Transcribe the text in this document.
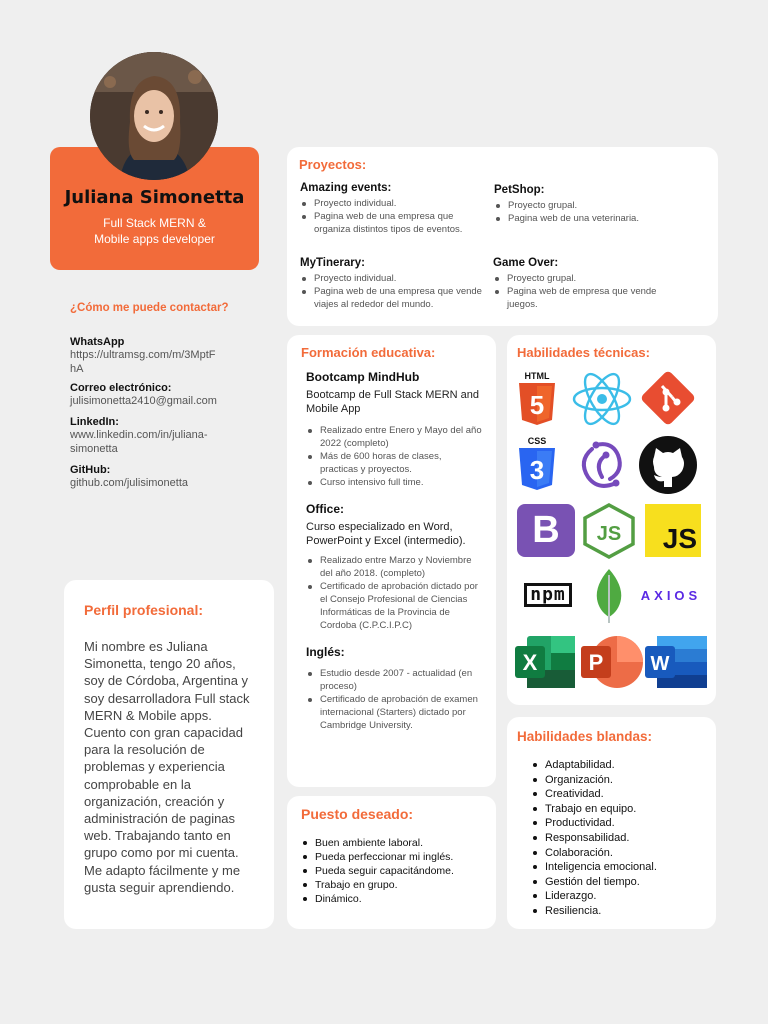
Juliana Simonetta
Full Stack MERN &
Mobile apps developer
¿Cómo me puede contactar?
WhatsApp
https://ultramsg.com/m/3MptF hA
Correo electrónico:
julisimonetta2410@gmail.com
LinkedIn:
www.linkedin.com/in/juliana-simonetta
GitHub:
github.com/julisimonetta
Perfil profesional:
Mi nombre es Juliana Simonetta, tengo 20 años, soy de Córdoba, Argentina y soy desarrolladora Full stack MERN & Mobile apps. Cuento con gran capacidad para la resolución de problemas y experiencia comprobable en la organización, creación y administración de paginas web. Trabajando tanto en grupo como por mi cuenta. Me adapto fácilmente y me gusta seguir aprendiendo.
Proyectos:
Amazing events:
Proyecto individual.
Pagina web de una empresa que organiza distintos tipos de eventos.
PetShop:
Proyecto grupal.
Pagina web de una veterinaria.
MyTinerary:
Proyecto individual.
Pagina web de una empresa que vende viajes al rededor del mundo.
Game Over:
Proyecto grupal.
Pagina web de empresa que vende juegos.
Formación educativa:
Bootcamp MindHub
Bootcamp de Full Stack MERN and Mobile App
Realizado entre Enero y Mayo del año 2022 (completo)
Más de 600 horas de clases, practicas y proyectos.
Curso intensivo full time.
Office:
Curso especializado en Word, PowerPoint y Excel (intermedio).
Realizado entre Marzo y Noviembre del año 2018. (completo)
Certificado de aprobación dictado por el Consejo Profesional de Ciencias Informáticas de la Provincia de Cordoba (C.P.C.I.P.C)
Inglés:
Estudio desde 2007 - actualidad (en proceso)
Certificado de aprobación de examen internacional (Starters) dictado por Cambridge University.
Habilidades técnicas:
HTML
5
CSS
3
B JS JS
npm	AXIOS
X P W
Puesto deseado:
Buen ambiente laboral.
Pueda perfeccionar mi inglés.
Pueda seguir capacitándome.
Trabajo en grupo.
Dinámico.
Habilidades blandas:
Adaptabilidad.
Organización.
Creatividad.
Trabajo en equipo.
Productividad.
Responsabilidad.
Colaboración.
Inteligencia emocional.
Gestión del tiempo.
Liderazgo.
Resiliencia.
